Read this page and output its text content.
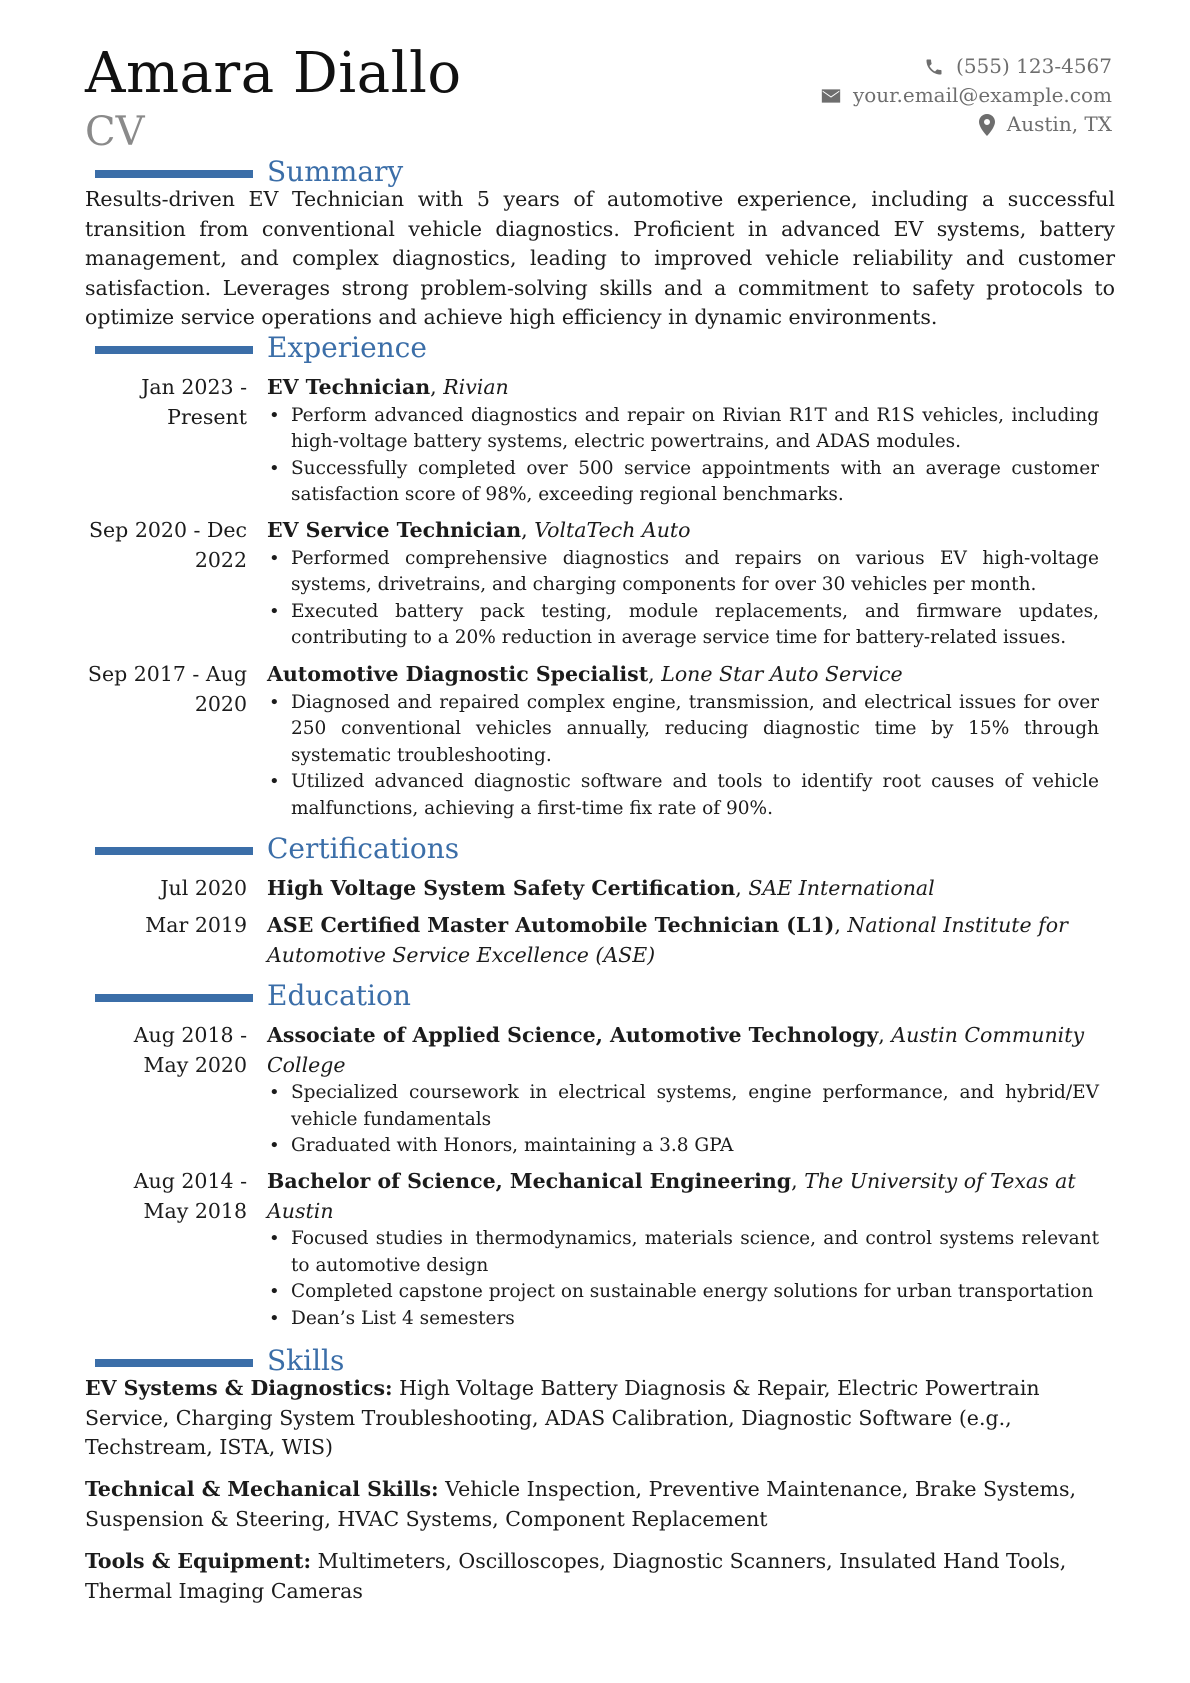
Amara Diallo
CV
(555) 123-4567
your.email@example.com
Austin, TX
Summary
Results-driven EV Technician with 5 years of automotive experience, including a successful transition from conventional vehicle diagnostics. Proficient in advanced EV systems, battery management, and complex diagnostics, leading to improved vehicle reliability and customer satisfaction. Leverages strong problem-solving skills and a commitment to safety protocols to optimize service operations and achieve high efficiency in dynamic environments.
Experience
Jan 2023 - Present
EV Technician, Rivian
• Perform advanced diagnostics and repair on Rivian R1T and R1S vehicles, including high-voltage battery systems, electric powertrains, and ADAS modules.
• Successfully completed over 500 service appointments with an average customer satisfaction score of 98%, exceeding regional benchmarks.
Sep 2020 - Dec 2022
EV Service Technician, VoltaTech Auto
• Performed comprehensive diagnostics and repairs on various EV high-voltage systems, drivetrains, and charging components for over 30 vehicles per month.
• Executed battery pack testing, module replacements, and firmware updates, contributing to a 20% reduction in average service time for battery-related issues.
Sep 2017 - Aug 2020
Automotive Diagnostic Specialist, Lone Star Auto Service
• Diagnosed and repaired complex engine, transmission, and electrical issues for over 250 conventional vehicles annually, reducing diagnostic time by 15% through systematic troubleshooting.
• Utilized advanced diagnostic software and tools to identify root causes of vehicle malfunctions, achieving a first-time fix rate of 90%.
Certifications
Jul 2020 High Voltage System Safety Certification, SAE International
Mar 2019 ASE Certified Master Automobile Technician (L1), National Institute for Automotive Service Excellence (ASE)
Education
Aug 2018 - May 2020
Associate of Applied Science, Automotive Technology, Austin Community College
• Specialized coursework in electrical systems, engine performance, and hybrid/EV vehicle fundamentals
• Graduated with Honors, maintaining a 3.8 GPA
Aug 2014 - May 2018
Bachelor of Science, Mechanical Engineering, The University of Texas at Austin
• Focused studies in thermodynamics, materials science, and control systems relevant to automotive design
• Completed capstone project on sustainable energy solutions for urban transportation
• Dean’s List 4 semesters
Skills
EV Systems & Diagnostics: High Voltage Battery Diagnosis & Repair, Electric Powertrain Service, Charging System Troubleshooting, ADAS Calibration, Diagnostic Software (e.g., Techstream, ISTA, WIS)
Technical & Mechanical Skills: Vehicle Inspection, Preventive Maintenance, Brake Systems, Suspension & Steering, HVAC Systems, Component Replacement
Tools & Equipment: Multimeters, Oscilloscopes, Diagnostic Scanners, Insulated Hand Tools, Thermal Imaging Cameras
